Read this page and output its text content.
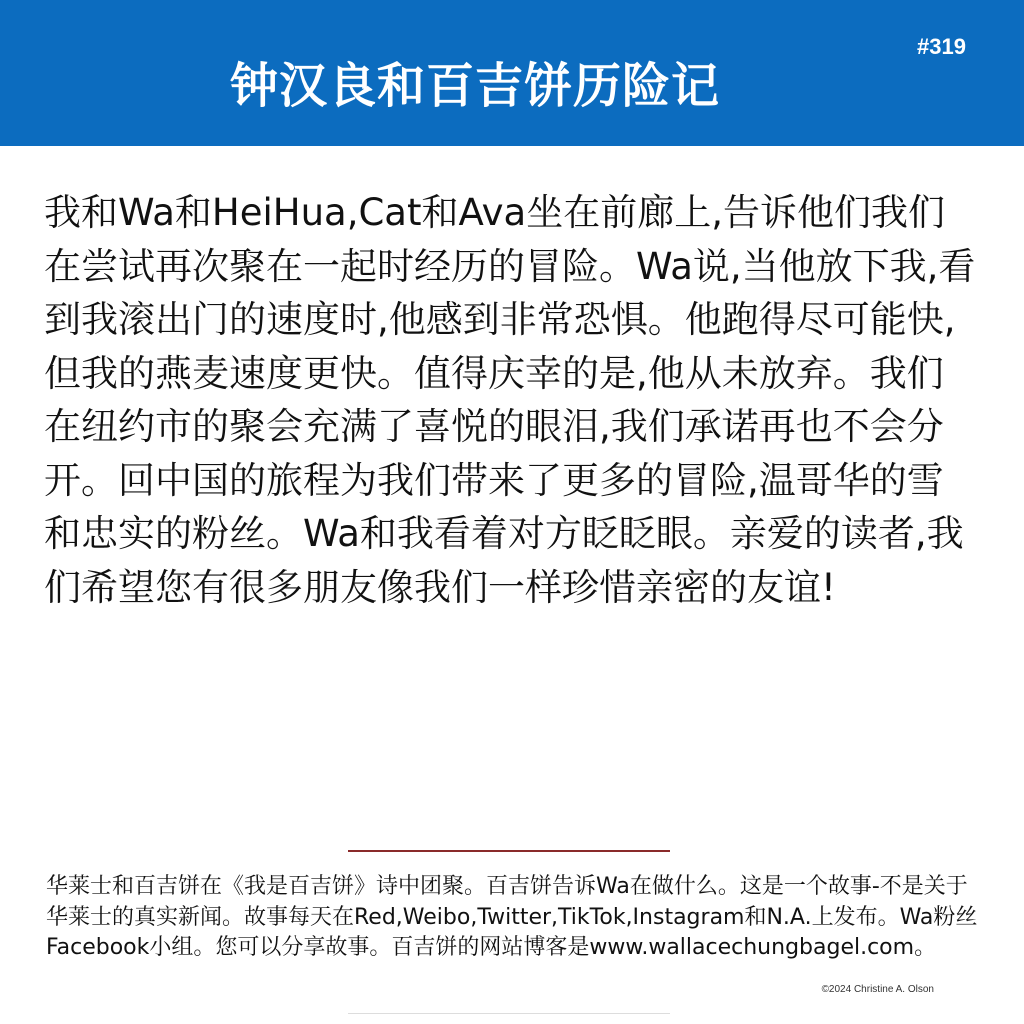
钟汉良和百吉饼历险记
#319

我和Wa和HeiHua,Cat和Ava坐在前廊上,告诉他们我们在尝试再次聚在一起时经历的冒险。Wa说,当他放下我,看到我滚出门的速度时,他感到非常恐惧。他跑得尽可能快,但我的燕麦速度更快。值得庆幸的是,他从未放弃。我们在纽约市的聚会充满了喜悦的眼泪,我们承诺再也不会分开。回中国的旅程为我们带来了更多的冒险,温哥华的雪和忠实的粉丝。Wa和我看着对方眨眨眼。亲爱的读者,我们希望您有很多朋友像我们一样珍惜亲密的友谊!

华莱士和百吉饼在《我是百吉饼》诗中团聚。百吉饼告诉Wa在做什么。这是一个故事-不是关于华莱士的真实新闻。故事每天在Red,Weibo,Twitter,TikTok,Instagram和N.A.上发布。Wa粉丝Facebook小组。您可以分享故事。百吉饼的网站博客是www.wallacechungbagel.com。

©2024 Christine A. Olson
